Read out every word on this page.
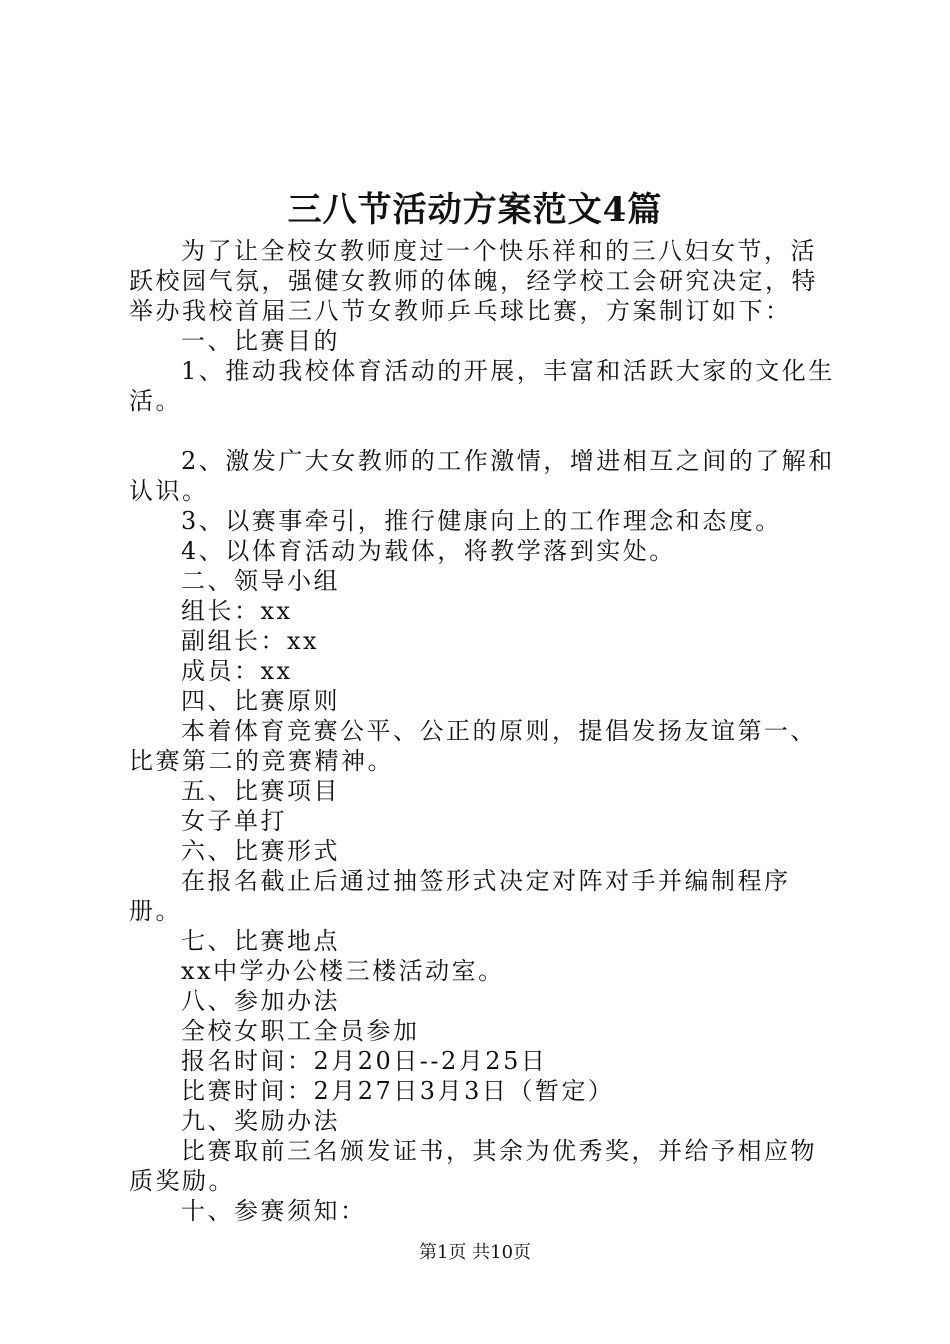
三八节活动方案范文4篇

为了让全校女教师度过一个快乐祥和的三八妇女节，活跃校园气氛，强健女教师的体魄，经学校工会研究决定，特举办我校首届三八节女教师乒乓球比赛，方案制订如下：

一、比赛目的

1、推动我校体育活动的开展，丰富和活跃大家的文化生活。

2、激发广大女教师的工作激情，增进相互之间的了解和认识。

3、以赛事牵引，推行健康向上的工作理念和态度。

4、以体育活动为载体，将教学落到实处。

二、领导小组

组长：xx

副组长：xx

成员：xx

四、比赛原则

本着体育竞赛公平、公正的原则，提倡发扬友谊第一、比赛第二的竞赛精神。

五、比赛项目

女子单打

六、比赛形式

在报名截止后通过抽签形式决定对阵对手并编制程序册。

七、比赛地点

xx中学办公楼三楼活动室。

八、参加办法

全校女职工全员参加

报名时间：2月20日--2月25日

比赛时间：2月27日3月3日（暂定）

九、奖励办法

比赛取前三名颁发证书，其余为优秀奖，并给予相应物质奖励。

十、参赛须知：

第1页 共10页
